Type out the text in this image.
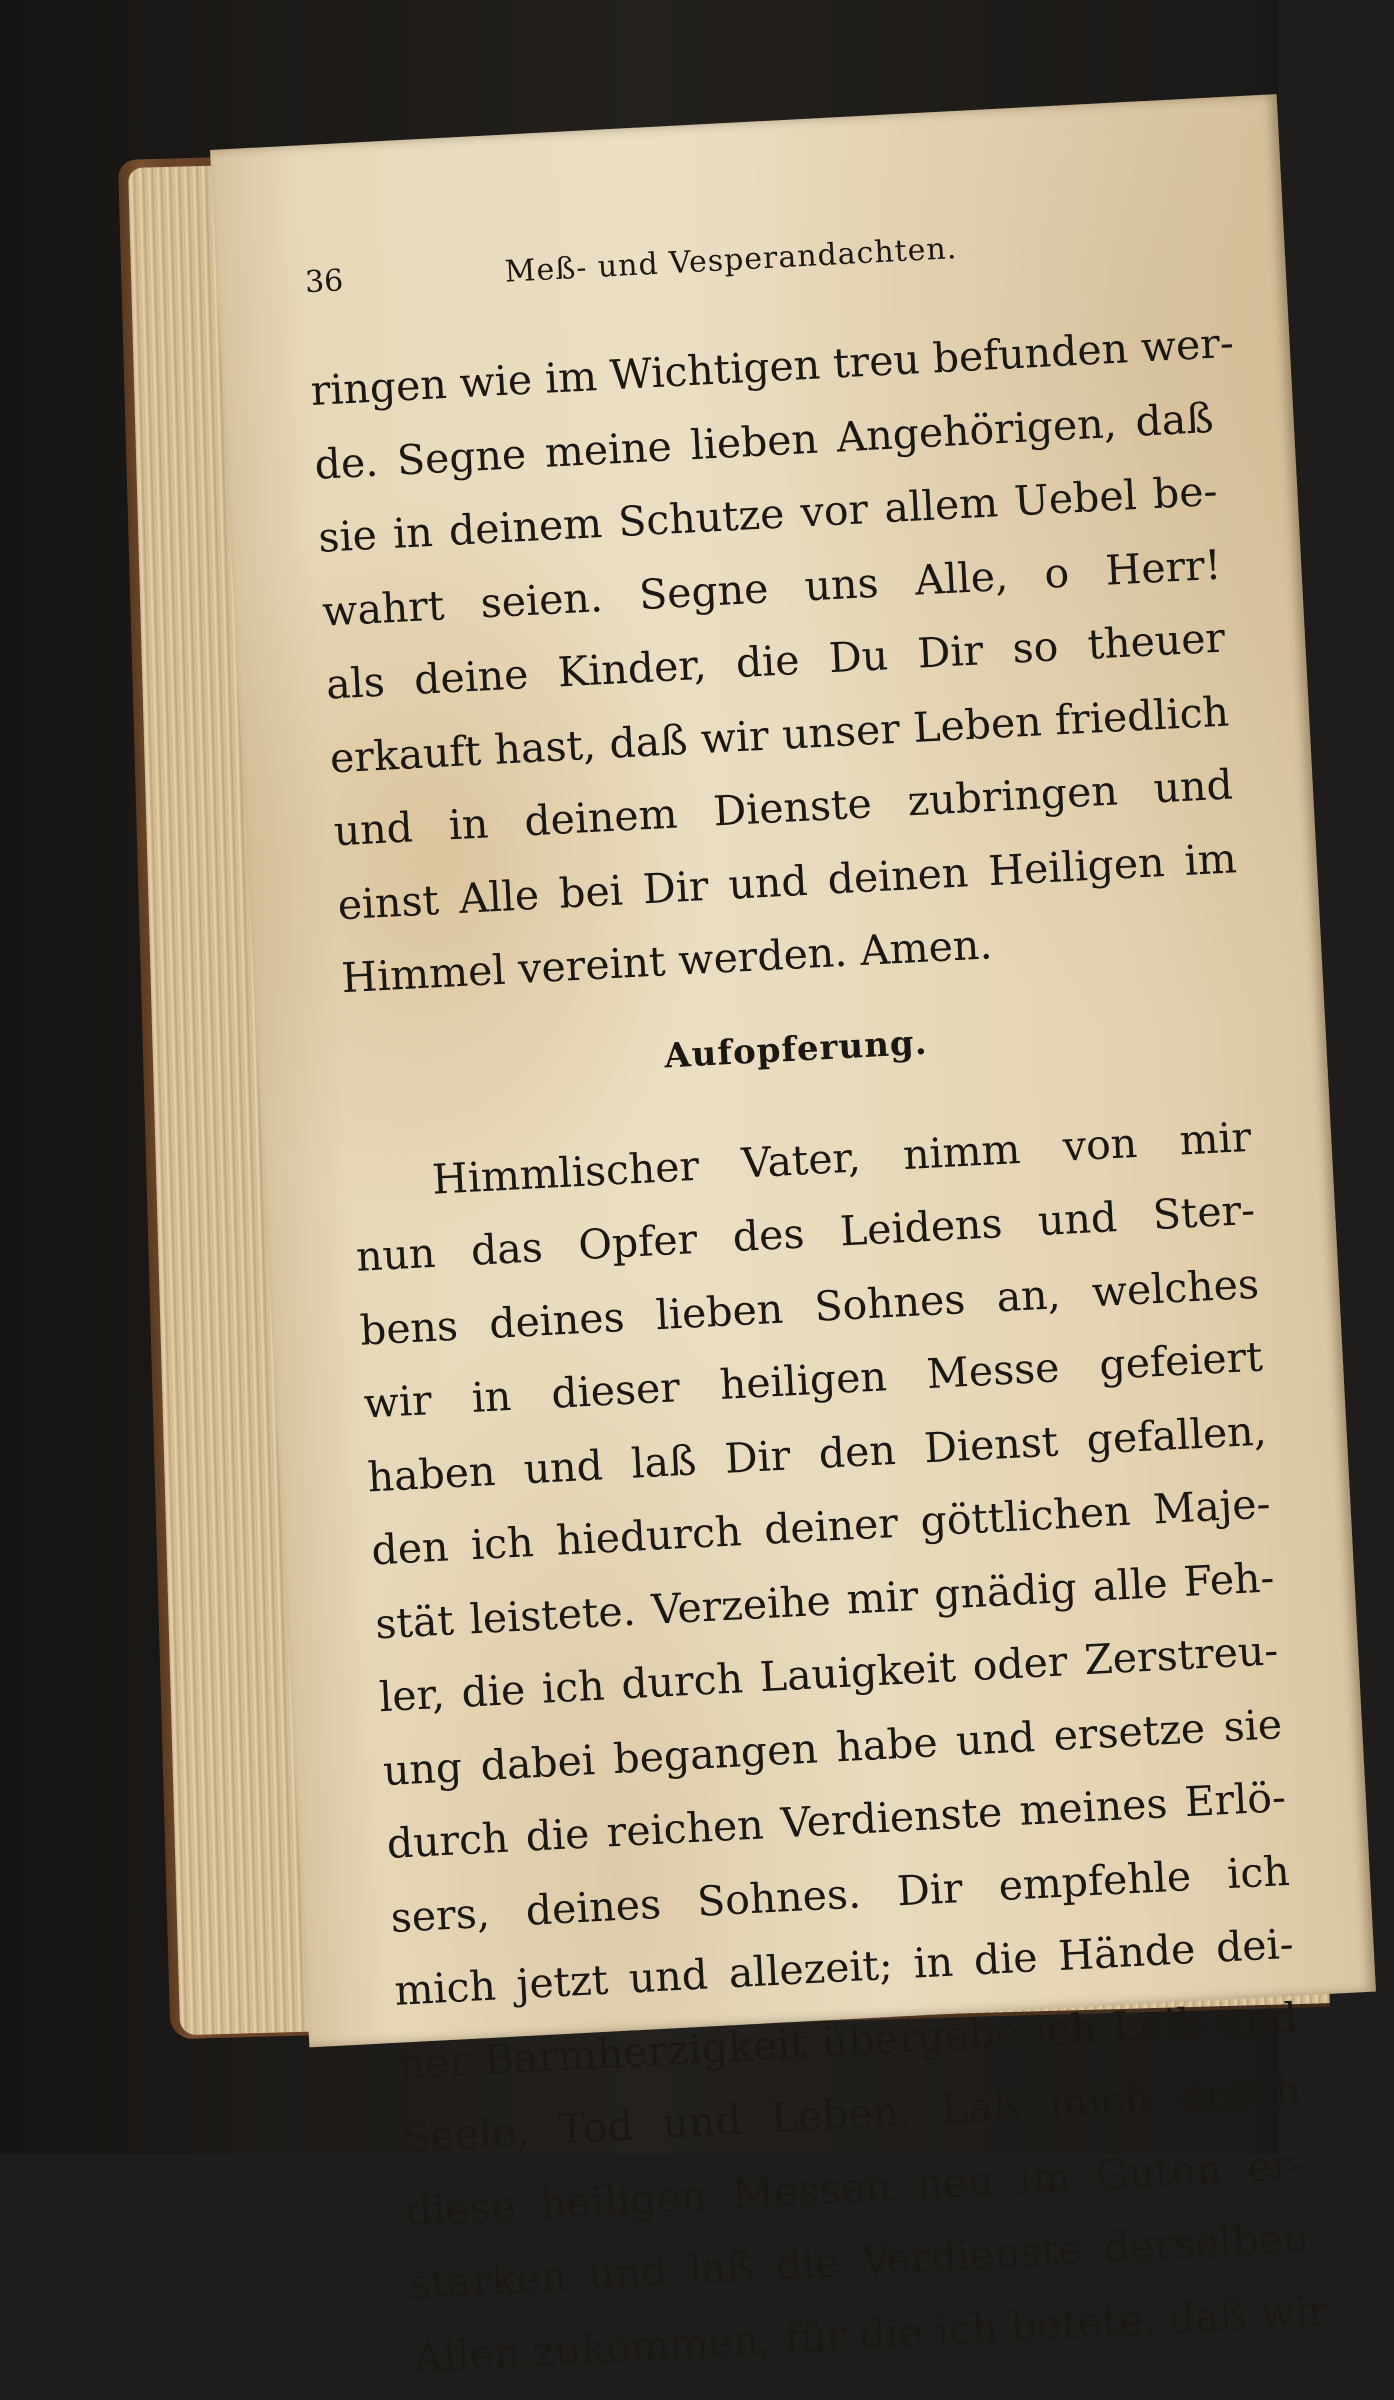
36	Meß- und Vesperandachten.
ringen wie im Wichtigen treu befunden wer-
de. Segne meine lieben Angehörigen, daß
sie in deinem Schutze vor allem Uebel be-
wahrt seien. Segne uns Alle, o Herr!
als deine Kinder, die Du Dir so theuer
erkauft hast, daß wir unser Leben friedlich
und in deinem Dienste zubringen und
einst Alle bei Dir und deinen Heiligen im
Himmel vereint werden. Amen.
Aufopferung.
Himmlischer Vater, nimm von mir
nun das Opfer des Leidens und Ster-
bens deines lieben Sohnes an, welches
wir in dieser heiligen Messe gefeiert
haben und laß Dir den Dienst gefallen,
den ich hiedurch deiner göttlichen Maje-
stät leistete. Verzeihe mir gnädig alle Feh-
ler, die ich durch Lauigkeit oder Zerstreu-
ung dabei begangen habe und ersetze sie
durch die reichen Verdienste meines Erlö-
sers, deines Sohnes. Dir empfehle ich
mich jetzt und allezeit; in die Hände dei-
ner Barmherzigkeit übergebe ich Leib und
Seele, Tod und Leben. Laß mich durch
diese heiligen Messen neu im Guten er-
starken und laß die Verdienste derselben
Allen zukommen, für die ich betete, daß wir
